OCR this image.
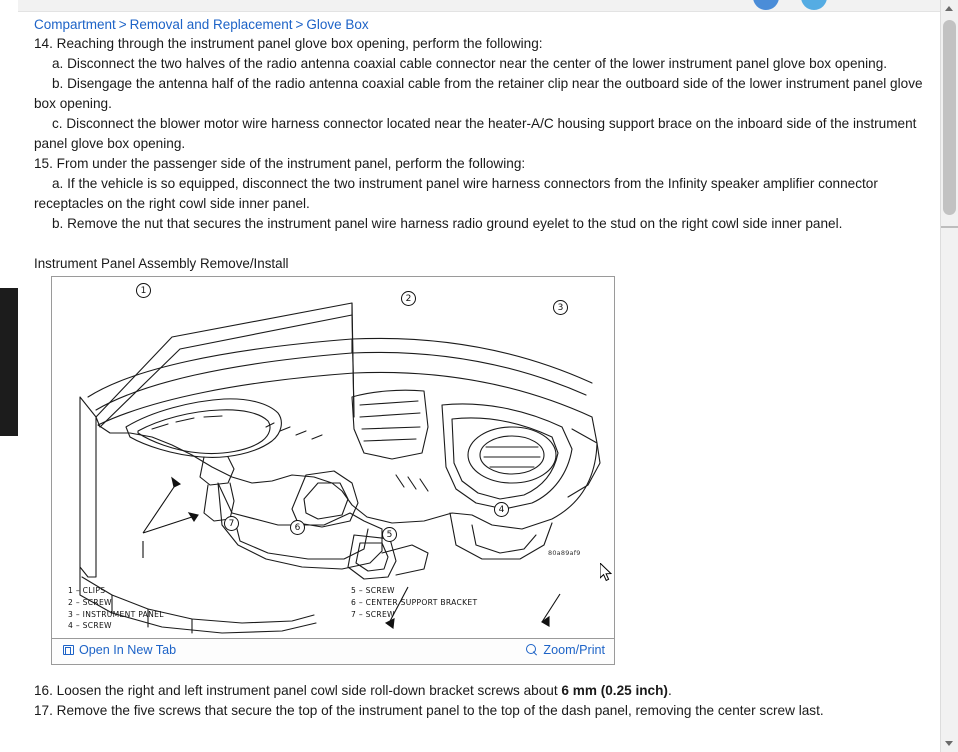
Compartment > Removal and Replacement > Glove Box

14. Reaching through the instrument panel glove box opening, perform the following:

a. Disconnect the two halves of the radio antenna coaxial cable connector near the center of the lower instrument panel glove box opening.

b. Disengage the antenna half of the radio antenna coaxial cable from the retainer clip near the outboard side of the lower instrument panel glove box opening.

c. Disconnect the blower motor wire harness connector located near the heater-A/C housing support brace on the inboard side of the instrument panel glove box opening.

15. From under the passenger side of the instrument panel, perform the following:

a. If the vehicle is so equipped, disconnect the two instrument panel wire harness connectors from the Infinity speaker amplifier connector receptacles on the right cowl side inner panel.

b. Remove the nut that secures the instrument panel wire harness radio ground eyelet to the stud on the right cowl side inner panel.

Instrument Panel Assembly Remove/Install
1
2
3
4
5
6
7
80a89af9
1 – CLIPS
2 – SCREW
3 – INSTRUMENT PANEL
4 – SCREW
5 – SCREW
6 – CENTER SUPPORT BRACKET
7 – SCREW
Open In New Tab	Zoom/Print

16. Loosen the right and left instrument panel cowl side roll-down bracket screws about 6 mm (0.25 inch).

17. Remove the five screws that secure the top of the instrument panel to the top of the dash panel, removing the center screw last.
